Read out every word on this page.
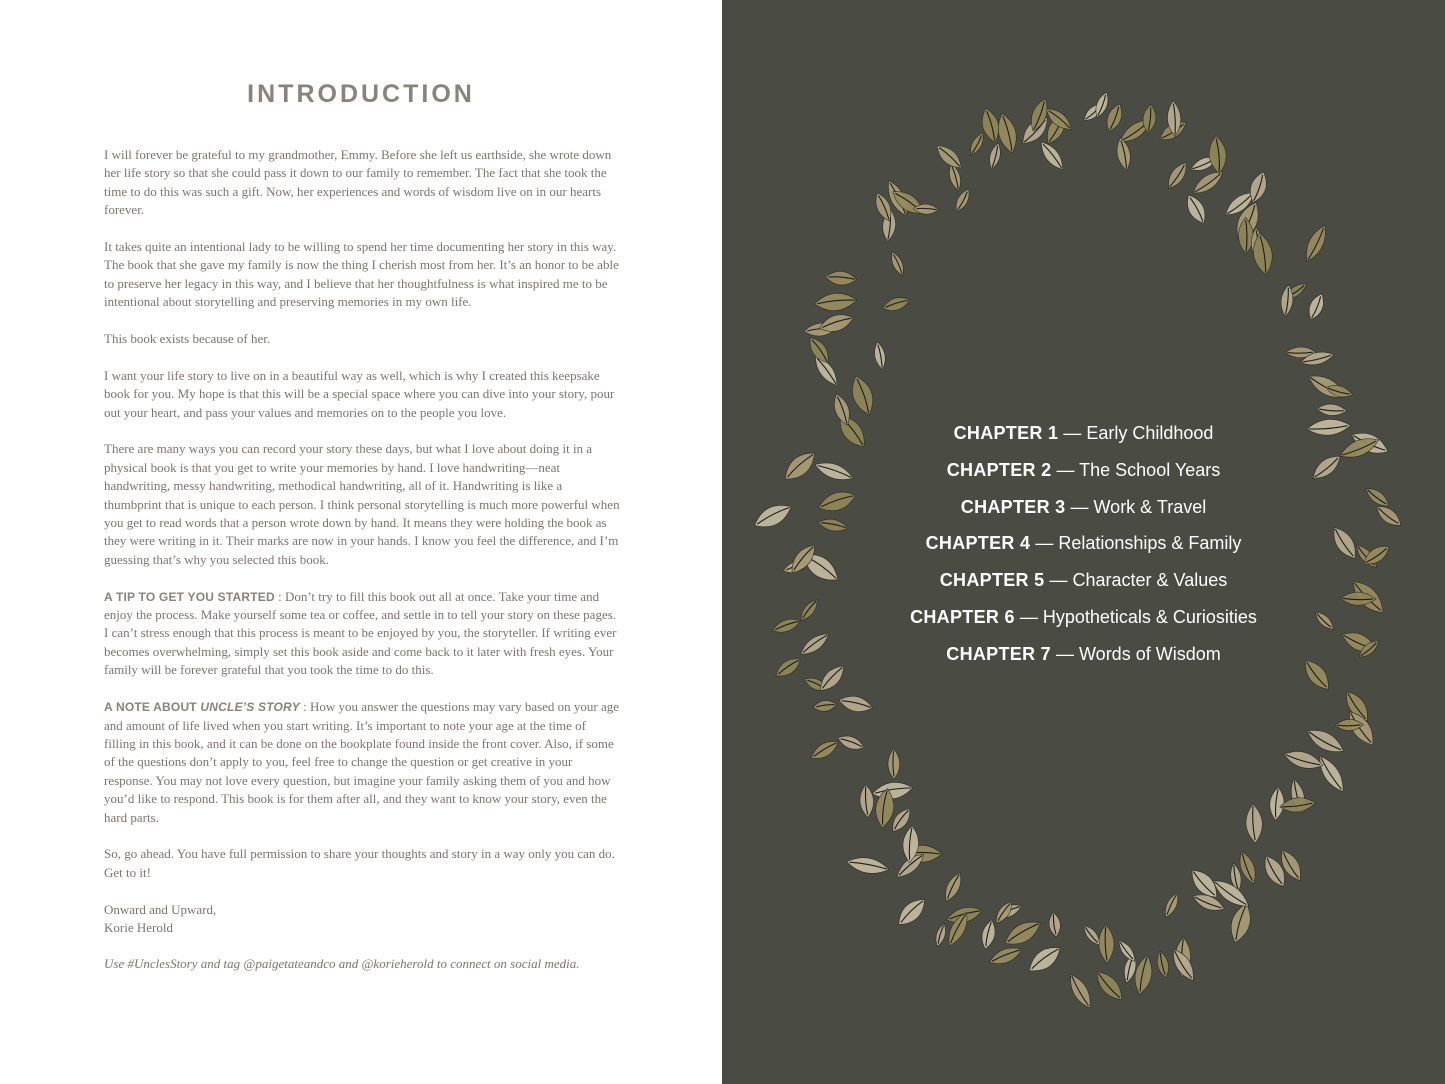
INTRODUCTION

I will forever be grateful to my grandmother, Emmy. Before she left us earthside, she wrote down her life story so that she could pass it down to our family to remember. The fact that she took the time to do this was such a gift. Now, her experiences and words of wisdom live on in our hearts forever.

It takes quite an intentional lady to be willing to spend her time documenting her story in this way. The book that she gave my family is now the thing I cherish most from her. It’s an honor to be able to preserve her legacy in this way, and I believe that her thoughtfulness is what inspired me to be intentional about storytelling and preserving memories in my own life.

This book exists because of her.

I want your life story to live on in a beautiful way as well, which is why I created this keepsake book for you. My hope is that this will be a special space where you can dive into your story, pour out your heart, and pass your values and memories on to the people you love.

There are many ways you can record your story these days, but what I love about doing it in a physical book is that you get to write your memories by hand. I love handwriting—neat handwriting, messy handwriting, methodical handwriting, all of it. Handwriting is like a thumbprint that is unique to each person. I think personal storytelling is much more powerful when you get to read words that a person wrote down by hand. It means they were holding the book as they were writing in it. Their marks are now in your hands. I know you feel the difference, and I’m guessing that’s why you selected this book.

A TIP TO GET YOU STARTED : Don’t try to fill this book out all at once. Take your time and enjoy the process. Make yourself some tea or coffee, and settle in to tell your story on these pages. I can’t stress enough that this process is meant to be enjoyed by you, the storyteller. If writing ever becomes overwhelming, simply set this book aside and come back to it later with fresh eyes. Your family will be forever grateful that you took the time to do this.

A NOTE ABOUT UNCLE’S STORY : How you answer the questions may vary based on your age and amount of life lived when you start writing. It’s important to note your age at the time of filling in this book, and it can be done on the bookplate found inside the front cover. Also, if some of the questions don’t apply to you, feel free to change the question or get creative in your response. You may not love every question, but imagine your family asking them of you and how you’d like to respond. This book is for them after all, and they want to know your story, even the hard parts.

So, go ahead. You have full permission to share your thoughts and story in a way only you can do. Get to it!

Onward and Upward,

Korie Herold

Use #UnclesStory and tag @paigetateandco and @korieherold to connect on social media.

CHAPTER 1 — Early Childhood
CHAPTER 2 — The School Years
CHAPTER 3 — Work & Travel
CHAPTER 4 — Relationships & Family
CHAPTER 5 — Character & Values
CHAPTER 6 — Hypotheticals & Curiosities
CHAPTER 7 — Words of Wisdom
